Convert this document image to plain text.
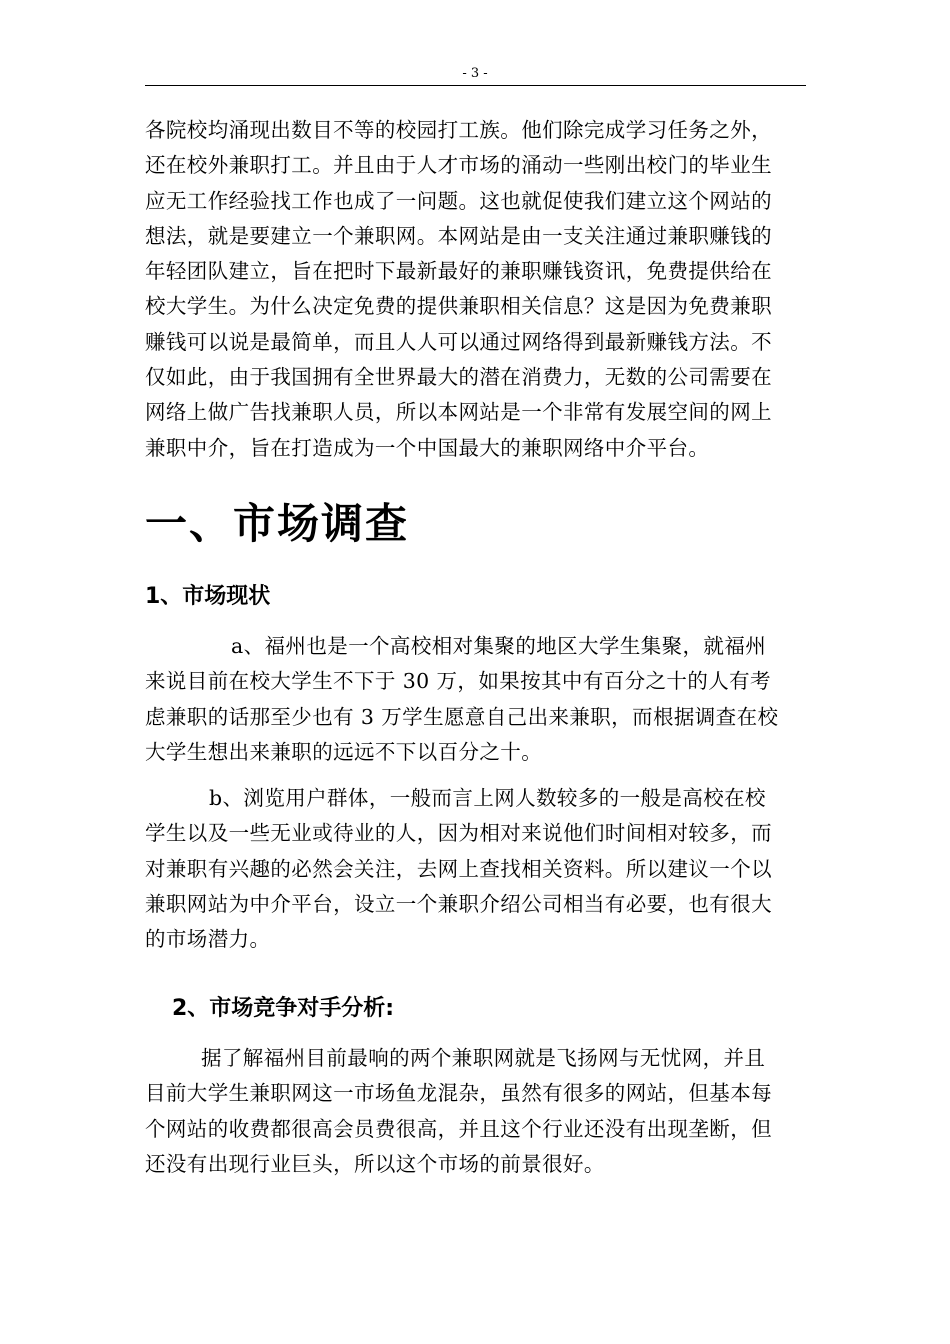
- 3 -
各院校均涌现出数目不等的校园打工族。他们除完成学习任务之外，
还在校外兼职打工。并且由于人才市场的涌动一些刚出校门的毕业生
应无工作经验找工作也成了一问题。这也就促使我们建立这个网站的
想法，就是要建立一个兼职网。本网站是由一支关注通过兼职赚钱的
年轻团队建立，旨在把时下最新最好的兼职赚钱资讯，免费提供给在
校大学生。为什么决定免费的提供兼职相关信息？这是因为免费兼职
赚钱可以说是最简单，而且人人可以通过网络得到最新赚钱方法。不
仅如此，由于我国拥有全世界最大的潜在消费力，无数的公司需要在
网络上做广告找兼职人员，所以本网站是一个非常有发展空间的网上
兼职中介，旨在打造成为一个中国最大的兼职网络中介平台。
一、市场调查
1、市场现状
a、福州也是一个高校相对集聚的地区大学生集聚，就福州
来说目前在校大学生不下于 30 万，如果按其中有百分之十的人有考
虑兼职的话那至少也有 3 万学生愿意自己出来兼职，而根据调查在校
大学生想出来兼职的远远不下以百分之十。
b、浏览用户群体，一般而言上网人数较多的一般是高校在校
学生以及一些无业或待业的人，因为相对来说他们时间相对较多，而
对兼职有兴趣的必然会关注，去网上查找相关资料。所以建议一个以
兼职网站为中介平台，设立一个兼职介绍公司相当有必要，也有很大
的市场潜力。
2、市场竞争对手分析:
据了解福州目前最响的两个兼职网就是飞扬网与无忧网，并且
目前大学生兼职网这一市场鱼龙混杂，虽然有很多的网站，但基本每
个网站的收费都很高会员费很高，并且这个行业还没有出现垄断，但
还没有出现行业巨头，所以这个市场的前景很好。
